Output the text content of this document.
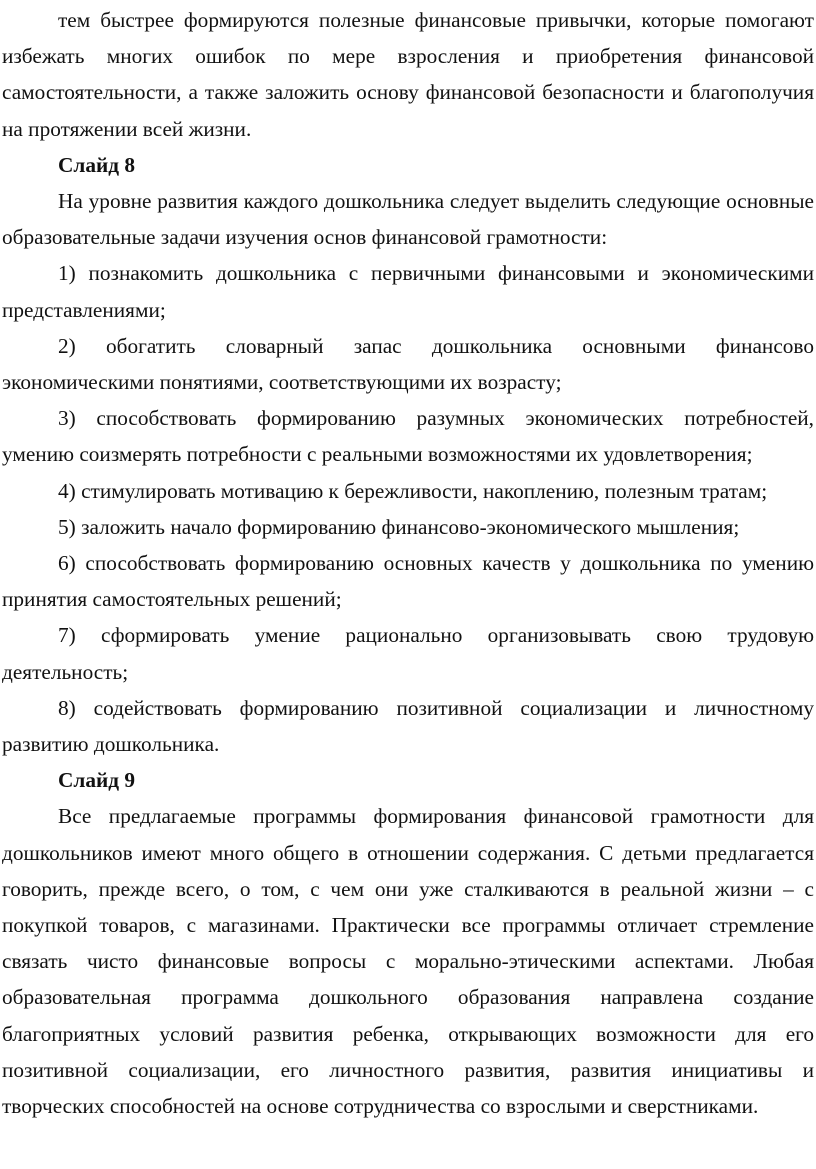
тем быстрее формируются полезные финансовые привычки, которые помогают избежать многих ошибок по мере взросления и приобретения финансовой самостоятельности, а также заложить основу финансовой безопасности и благополучия на протяжении всей жизни.

Слайд 8

На уровне развития каждого дошкольника следует выделить следующие основные образовательные задачи изучения основ финансовой грамотности:

1) познакомить дошкольника с первичными финансовыми и экономическими представлениями;

2) обогатить словарный запас дошкольника основными финансово экономическими понятиями, соответствующими их возрасту;

3) способствовать формированию разумных экономических потребностей, умению соизмерять потребности с реальными возможностями их удовлетворения;

4) стимулировать мотивацию к бережливости, накоплению, полезным тратам;

5) заложить начало формированию финансово-экономического мышления;

6) способствовать формированию основных качеств у дошкольника по умению принятия самостоятельных решений;

7) сформировать умение рационально организовывать свою трудовую деятельность;

8) содействовать формированию позитивной социализации и личностному развитию дошкольника.

Слайд 9

Все предлагаемые программы формирования финансовой грамотности для дошкольников имеют много общего в отношении содержания. С детьми предлагается говорить, прежде всего, о том, с чем они уже сталкиваются в реальной жизни – с покупкой товаров, с магазинами. Практически все программы отличает стремление связать чисто финансовые вопросы с морально-этическими аспектами. Любая образовательная программа дошкольного образования направлена создание благоприятных условий развития ребенка, открывающих возможности для его позитивной социализации, его личностного развития, развития инициативы и творческих способностей на основе сотрудничества со взрослыми и сверстниками.
